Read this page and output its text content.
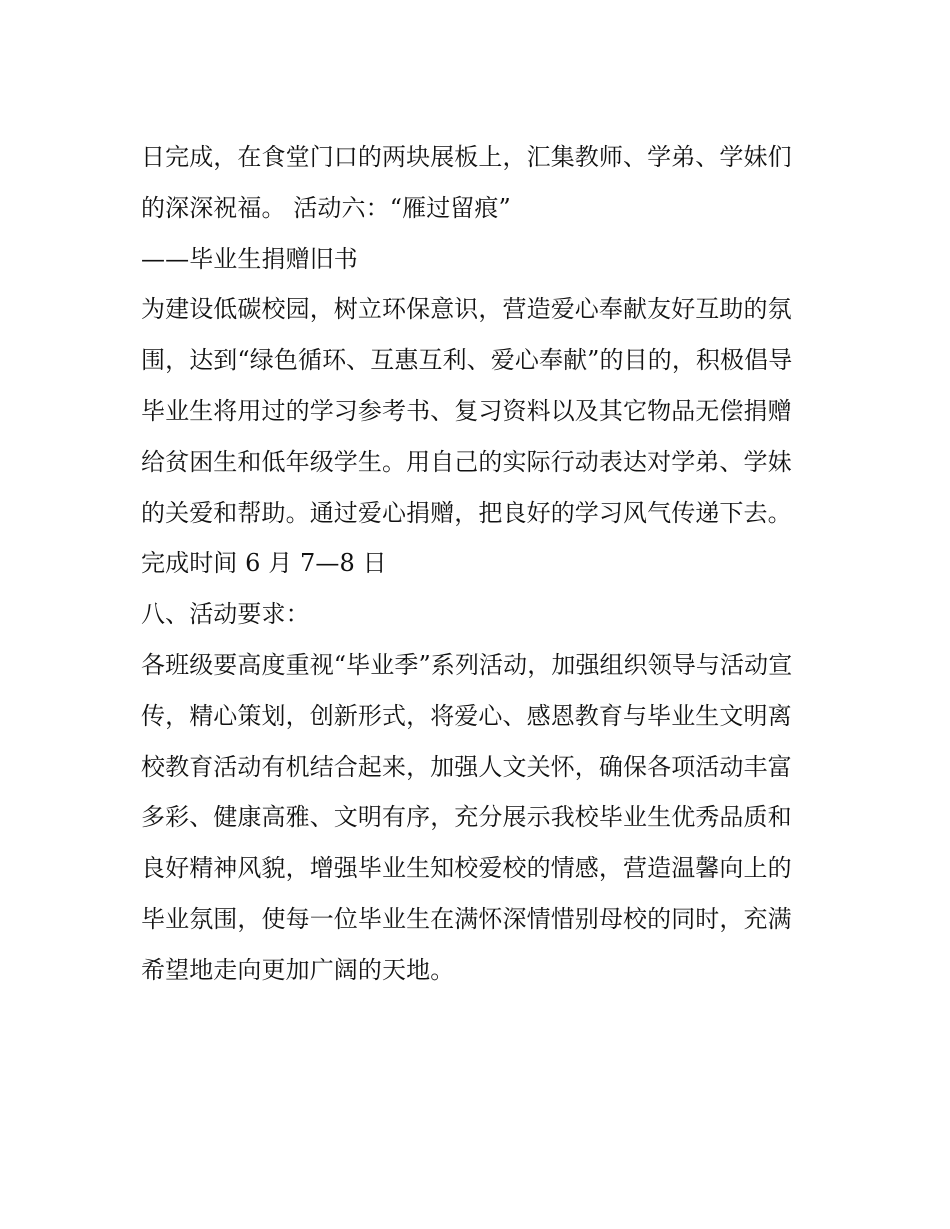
日完成，在食堂门口的两块展板上，汇集教师、学弟、学妹们
的深深祝福。 活动六：“雁过留痕”
——毕业生捐赠旧书
为建设低碳校园，树立环保意识，营造爱心奉献友好互助的氛
围，达到“绿色循环、互惠互利、爱心奉献”的目的，积极倡导
毕业生将用过的学习参考书、复习资料以及其它物品无偿捐赠
给贫困生和低年级学生。用自己的实际行动表达对学弟、学妹
的关爱和帮助。通过爱心捐赠，把良好的学习风气传递下去。
完成时间 6 月 7—8 日
八、活动要求：
各班级要高度重视“毕业季”系列活动，加强组织领导与活动宣
传，精心策划，创新形式，将爱心、感恩教育与毕业生文明离
校教育活动有机结合起来，加强人文关怀，确保各项活动丰富
多彩、健康高雅、文明有序，充分展示我校毕业生优秀品质和
良好精神风貌，增强毕业生知校爱校的情感，营造温馨向上的
毕业氛围，使每一位毕业生在满怀深情惜别母校的同时，充满
希望地走向更加广阔的天地。
